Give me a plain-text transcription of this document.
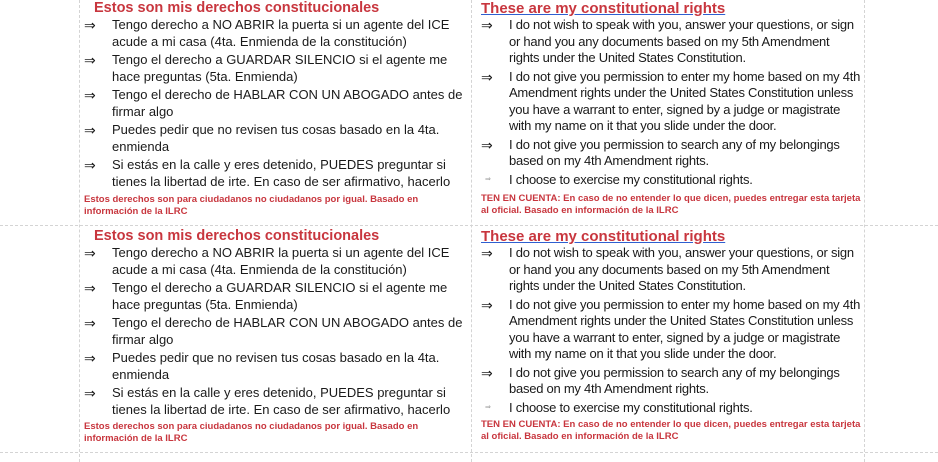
Estos son mis derechos constitucionales
⇒	Tengo derecho a NO ABRIR la puerta si un agente del ICE acude a mi casa (4ta. Enmienda de la constitución)
⇒	Tengo el derecho a GUARDAR SILENCIO si el agente me hace preguntas (5ta. Enmienda)
⇒	Tengo el derecho de HABLAR CON UN ABOGADO antes de firmar algo
⇒	Puedes pedir que no revisen tus cosas basado en la 4ta. enmienda
⇒	Si estás en la calle y eres detenido, PUEDES preguntar si tienes la libertad de irte. En caso de ser afirmativo, hacerlo
Estos derechos son para ciudadanos no ciudadanos por igual. Basado en información de la ILRC
These are my constitutional rights
⇒	I do not wish to speak with you, answer your questions, or sign or hand you any documents based on my 5th Amendment rights under the United States Constitution.
⇒	I do not give you permission to enter my home based on my 4th Amendment rights under the United States Constitution unless you have a warrant to enter, signed by a judge or magistrate with my name on it that you slide under the door.
⇒	I do not give you permission to search any of my belongings based on my 4th Amendment rights.
⇒	I choose to exercise my constitutional rights.
TEN EN CUENTA: En caso de no entender lo que dicen, puedes entregar esta tarjeta al oficial. Basado en información de la ILRC
Estos son mis derechos constitucionales
⇒	Tengo derecho a NO ABRIR la puerta si un agente del ICE acude a mi casa (4ta. Enmienda de la constitución)
⇒	Tengo el derecho a GUARDAR SILENCIO si el agente me hace preguntas (5ta. Enmienda)
⇒	Tengo el derecho de HABLAR CON UN ABOGADO antes de firmar algo
⇒	Puedes pedir que no revisen tus cosas basado en la 4ta. enmienda
⇒	Si estás en la calle y eres detenido, PUEDES preguntar si tienes la libertad de irte. En caso de ser afirmativo, hacerlo
Estos derechos son para ciudadanos no ciudadanos por igual. Basado en información de la ILRC
These are my constitutional rights
⇒	I do not wish to speak with you, answer your questions, or sign or hand you any documents based on my 5th Amendment rights under the United States Constitution.
⇒	I do not give you permission to enter my home based on my 4th Amendment rights under the United States Constitution unless you have a warrant to enter, signed by a judge or magistrate with my name on it that you slide under the door.
⇒	I do not give you permission to search any of my belongings based on my 4th Amendment rights.
⇒	I choose to exercise my constitutional rights.
TEN EN CUENTA: En caso de no entender lo que dicen, puedes entregar esta tarjeta al oficial. Basado en información de la ILRC
